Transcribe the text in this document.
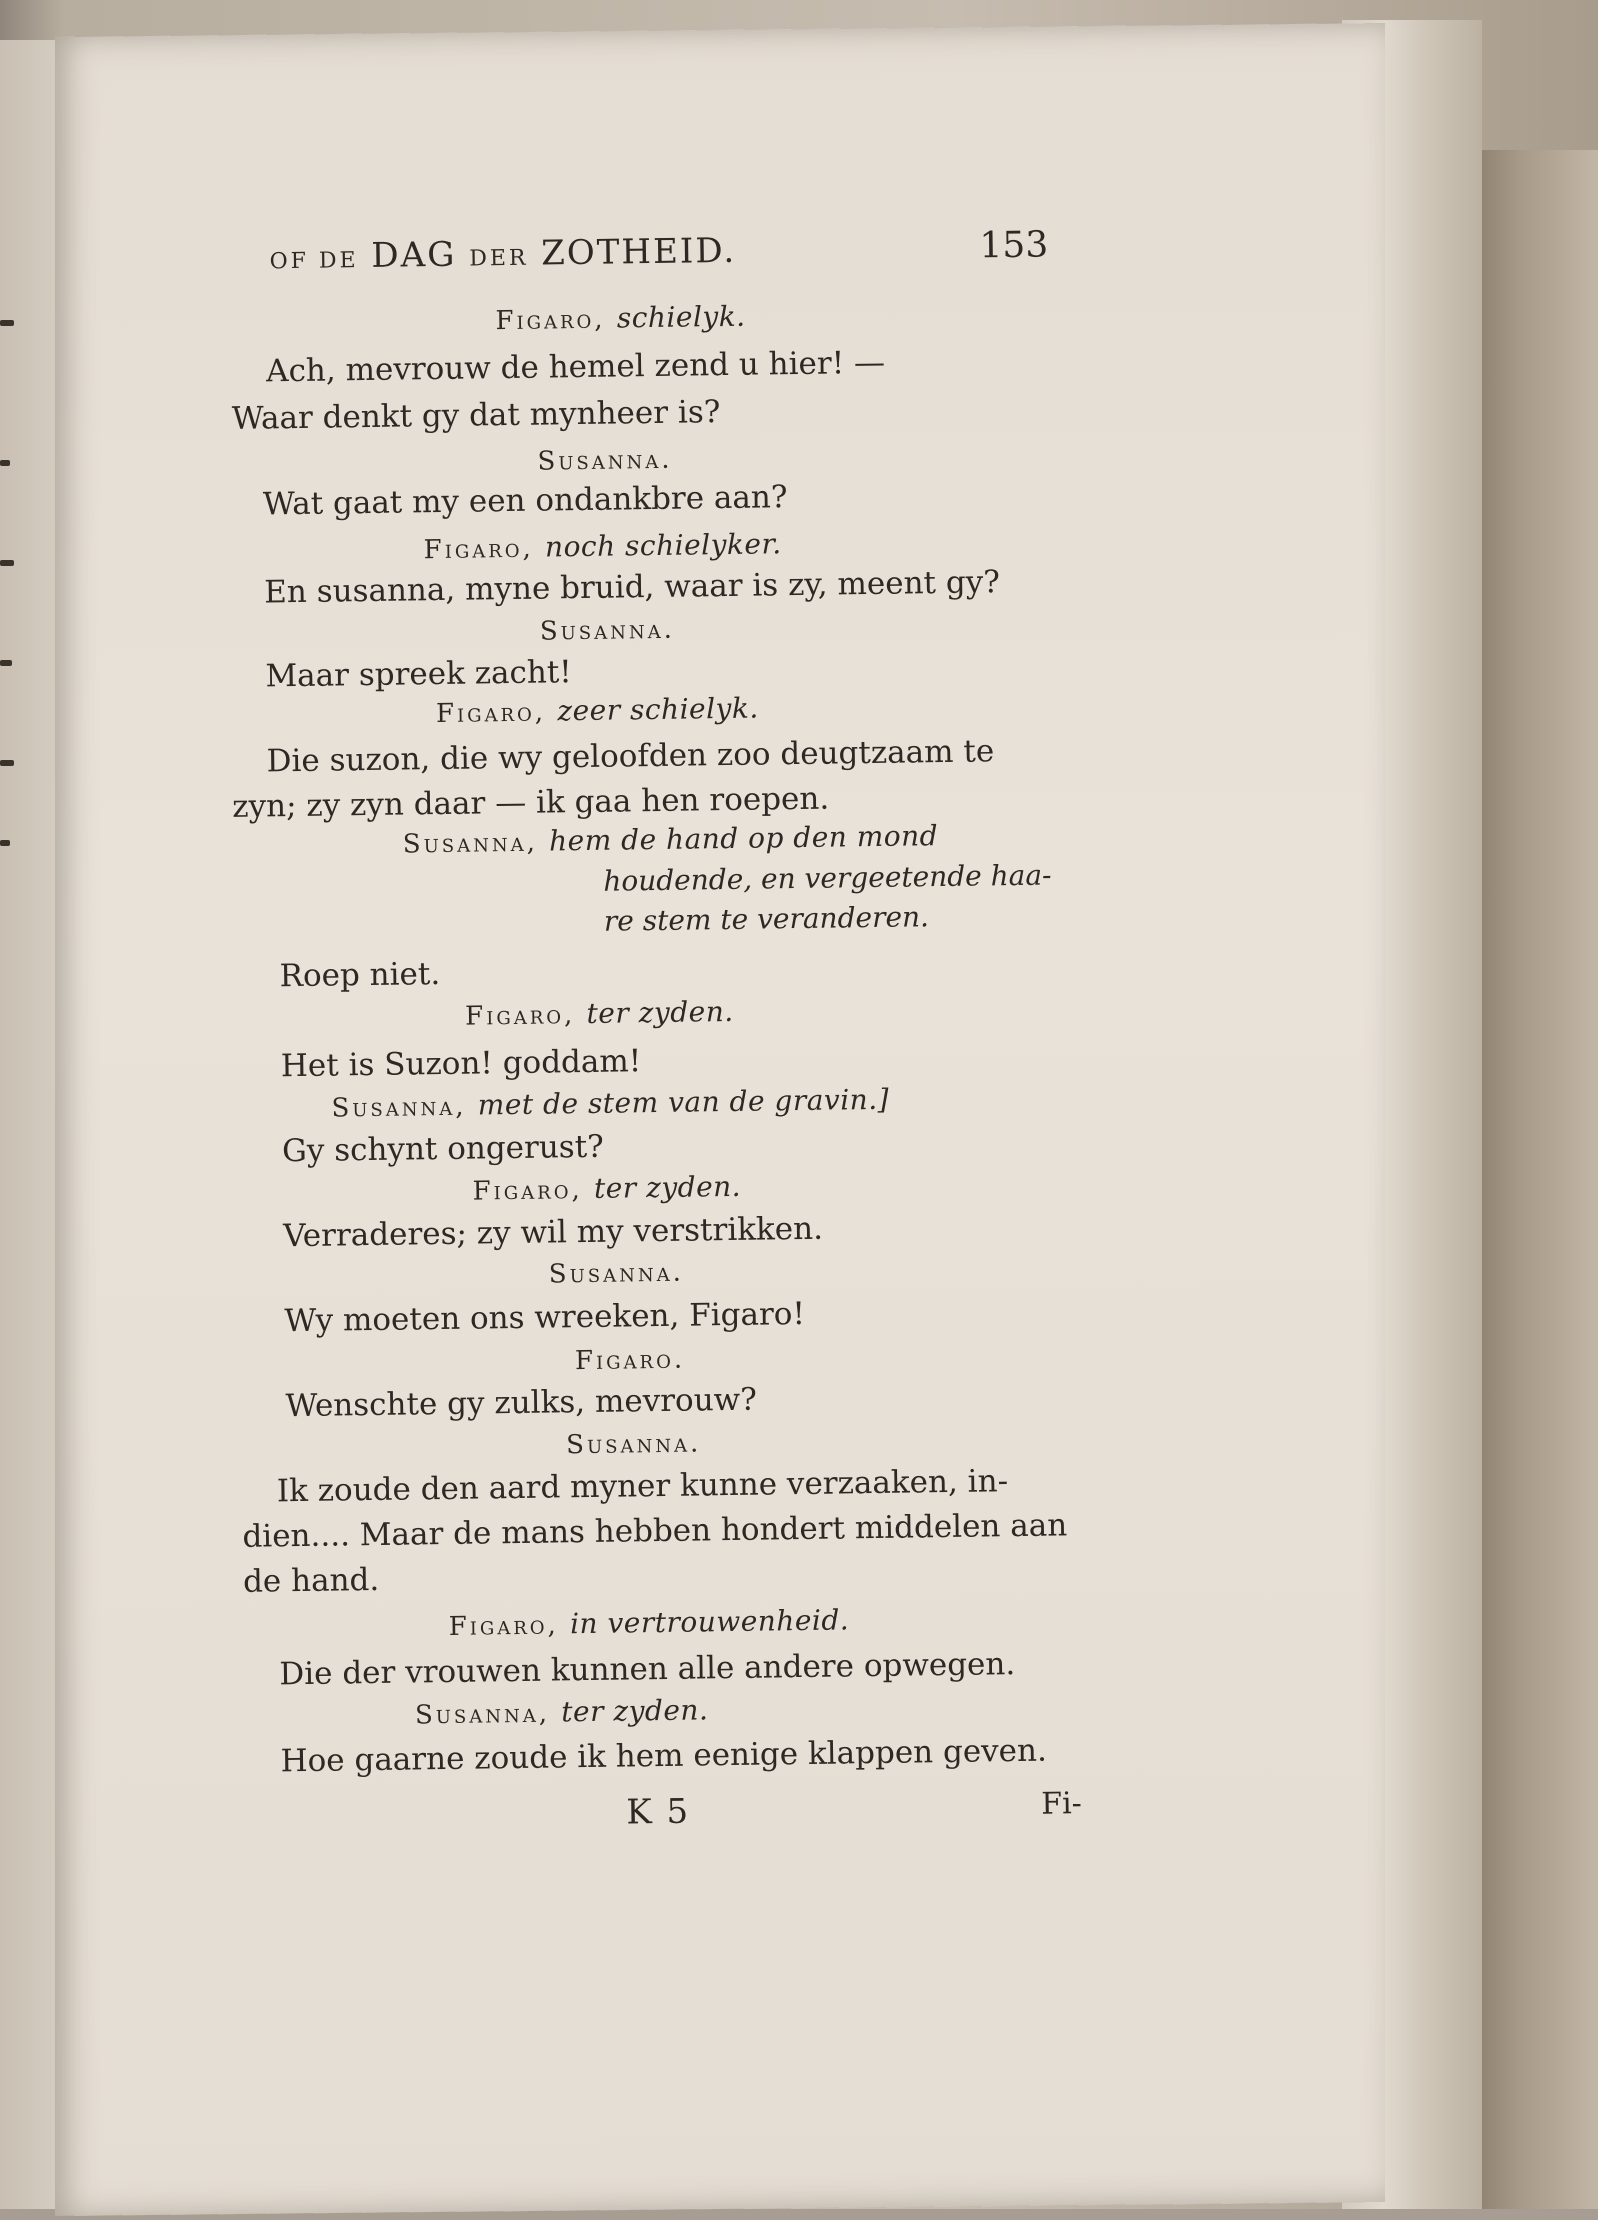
OF DE DAG DER ZOTHEID.	153
Figaro, schielyk.
Ach, mevrouw de hemel zend u hier! —
Waar denkt gy dat mynheer is?
Susanna.
Wat gaat my een ondankbre aan?
Figaro, noch schielyker.
En susanna, myne bruid, waar is zy, meent gy?
Susanna.
Maar spreek zacht!
Figaro, zeer schielyk.
Die suzon, die wy geloofden zoo deugtzaam te
zyn; zy zyn daar — ik gaa hen roepen.
Susanna, hem de hand op den mond
houdende, en vergeetende haa-
re stem te veranderen.
Roep niet.
Figaro, ter zyden.
Het is Suzon! goddam!
Susanna, met de stem van de gravin.]
Gy schynt ongerust?
Figaro, ter zyden.
Verraderes; zy wil my verstrikken.
Susanna.
Wy moeten ons wreeken, Figaro!
Figaro.
Wenschte gy zulks, mevrouw?
Susanna.
Ik zoude den aard myner kunne verzaaken, in-
dien.... Maar de mans hebben hondert middelen aan
de hand.
Figaro, in vertrouwenheid.
Die der vrouwen kunnen alle andere opwegen.
Susanna, ter zyden.
Hoe gaarne zoude ik hem eenige klappen geven.
K 5	Fi-
